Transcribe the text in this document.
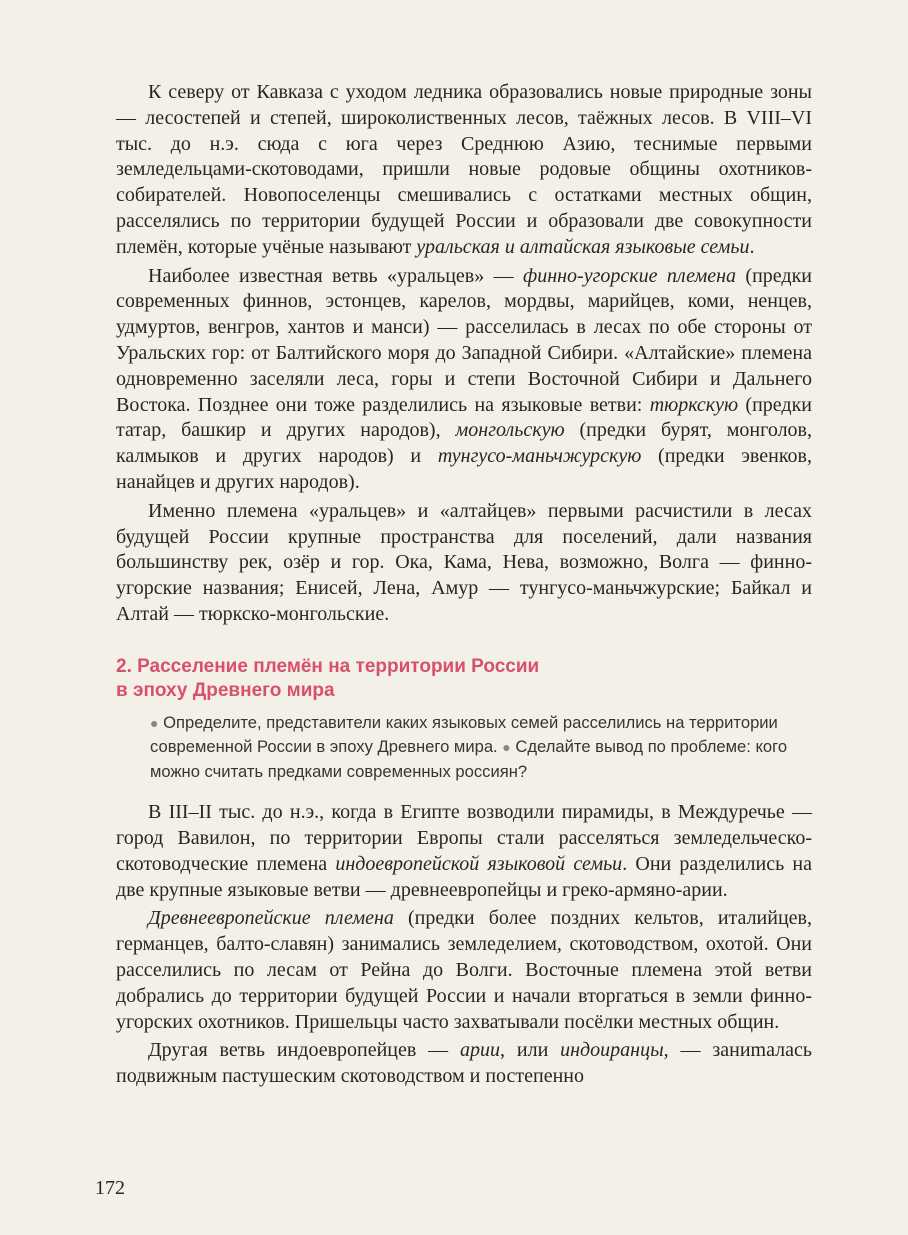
К северу от Кавказа с уходом ледника образовались новые природные зоны — лесостепей и степей, широколиственных лесов, таёжных лесов. В VIII–VI тыс. до н.э. сюда с юга через Среднюю Азию, теснимые первыми земледельцами-скотоводами, пришли новые родовые общины охотников-собирателей. Новопоселенцы смешивались с остатками местных общин, расселялись по территории будущей России и образовали две совокупности племён, которые учёные называют уральская и алтайская языковые семьи.

Наиболее известная ветвь «уральцев» — финно-угорские племена (предки современных финнов, эстонцев, карелов, мордвы, марийцев, коми, ненцев, удмуртов, венгров, хантов и манси) — расселилась в лесах по обе стороны от Уральских гор: от Балтийского моря до Западной Сибири. «Алтайские» племена одновременно заселяли леса, горы и степи Восточной Сибири и Дальнего Востока. Позднее они тоже разделились на языковые ветви: тюркскую (предки татар, башкир и других народов), монгольскую (предки бурят, монголов, калмыков и других народов) и тунгусо-маньчжурскую (предки эвенков, нанайцев и других народов).

Именно племена «уральцев» и «алтайцев» первыми расчистили в лесах будущей России крупные пространства для поселений, дали названия большинству рек, озёр и гор. Ока, Кама, Нева, возможно, Волга — финно-угорские названия; Енисей, Лена, Амур — тунгусо-маньчжурские; Байкал и Алтай — тюркско-монгольские.

2. Расселение племён на территории России
в эпоху Древнего мира
● Определите, представители каких языковых семей расселились на территории современной России в эпоху Древнего мира. ● Сделайте вывод по проблеме: кого можно считать предками современных россиян?

В III–II тыс. до н.э., когда в Египте возводили пирамиды, в Междуречье — город Вавилон, по территории Европы стали расселяться земледельческо-скотоводческие племена индоевропейской языковой семьи. Они разделились на две крупные языковые ветви — древнеевропейцы и греко-армяно-арии.

Древнеевропейские племена (предки более поздних кельтов, италийцев, германцев, балто-славян) занимались земледелием, скотоводством, охотой. Они расселились по лесам от Рейна до Волги. Восточные племена этой ветви добрались до территории будущей России и начали вторгаться в земли финно-угорских охотников. Пришельцы часто захватывали посёлки местных общин.

Другая ветвь индоевропейцев — арии, или индоиранцы, — заниmалась подвижным пастушеским скотоводством и постепенно

172
